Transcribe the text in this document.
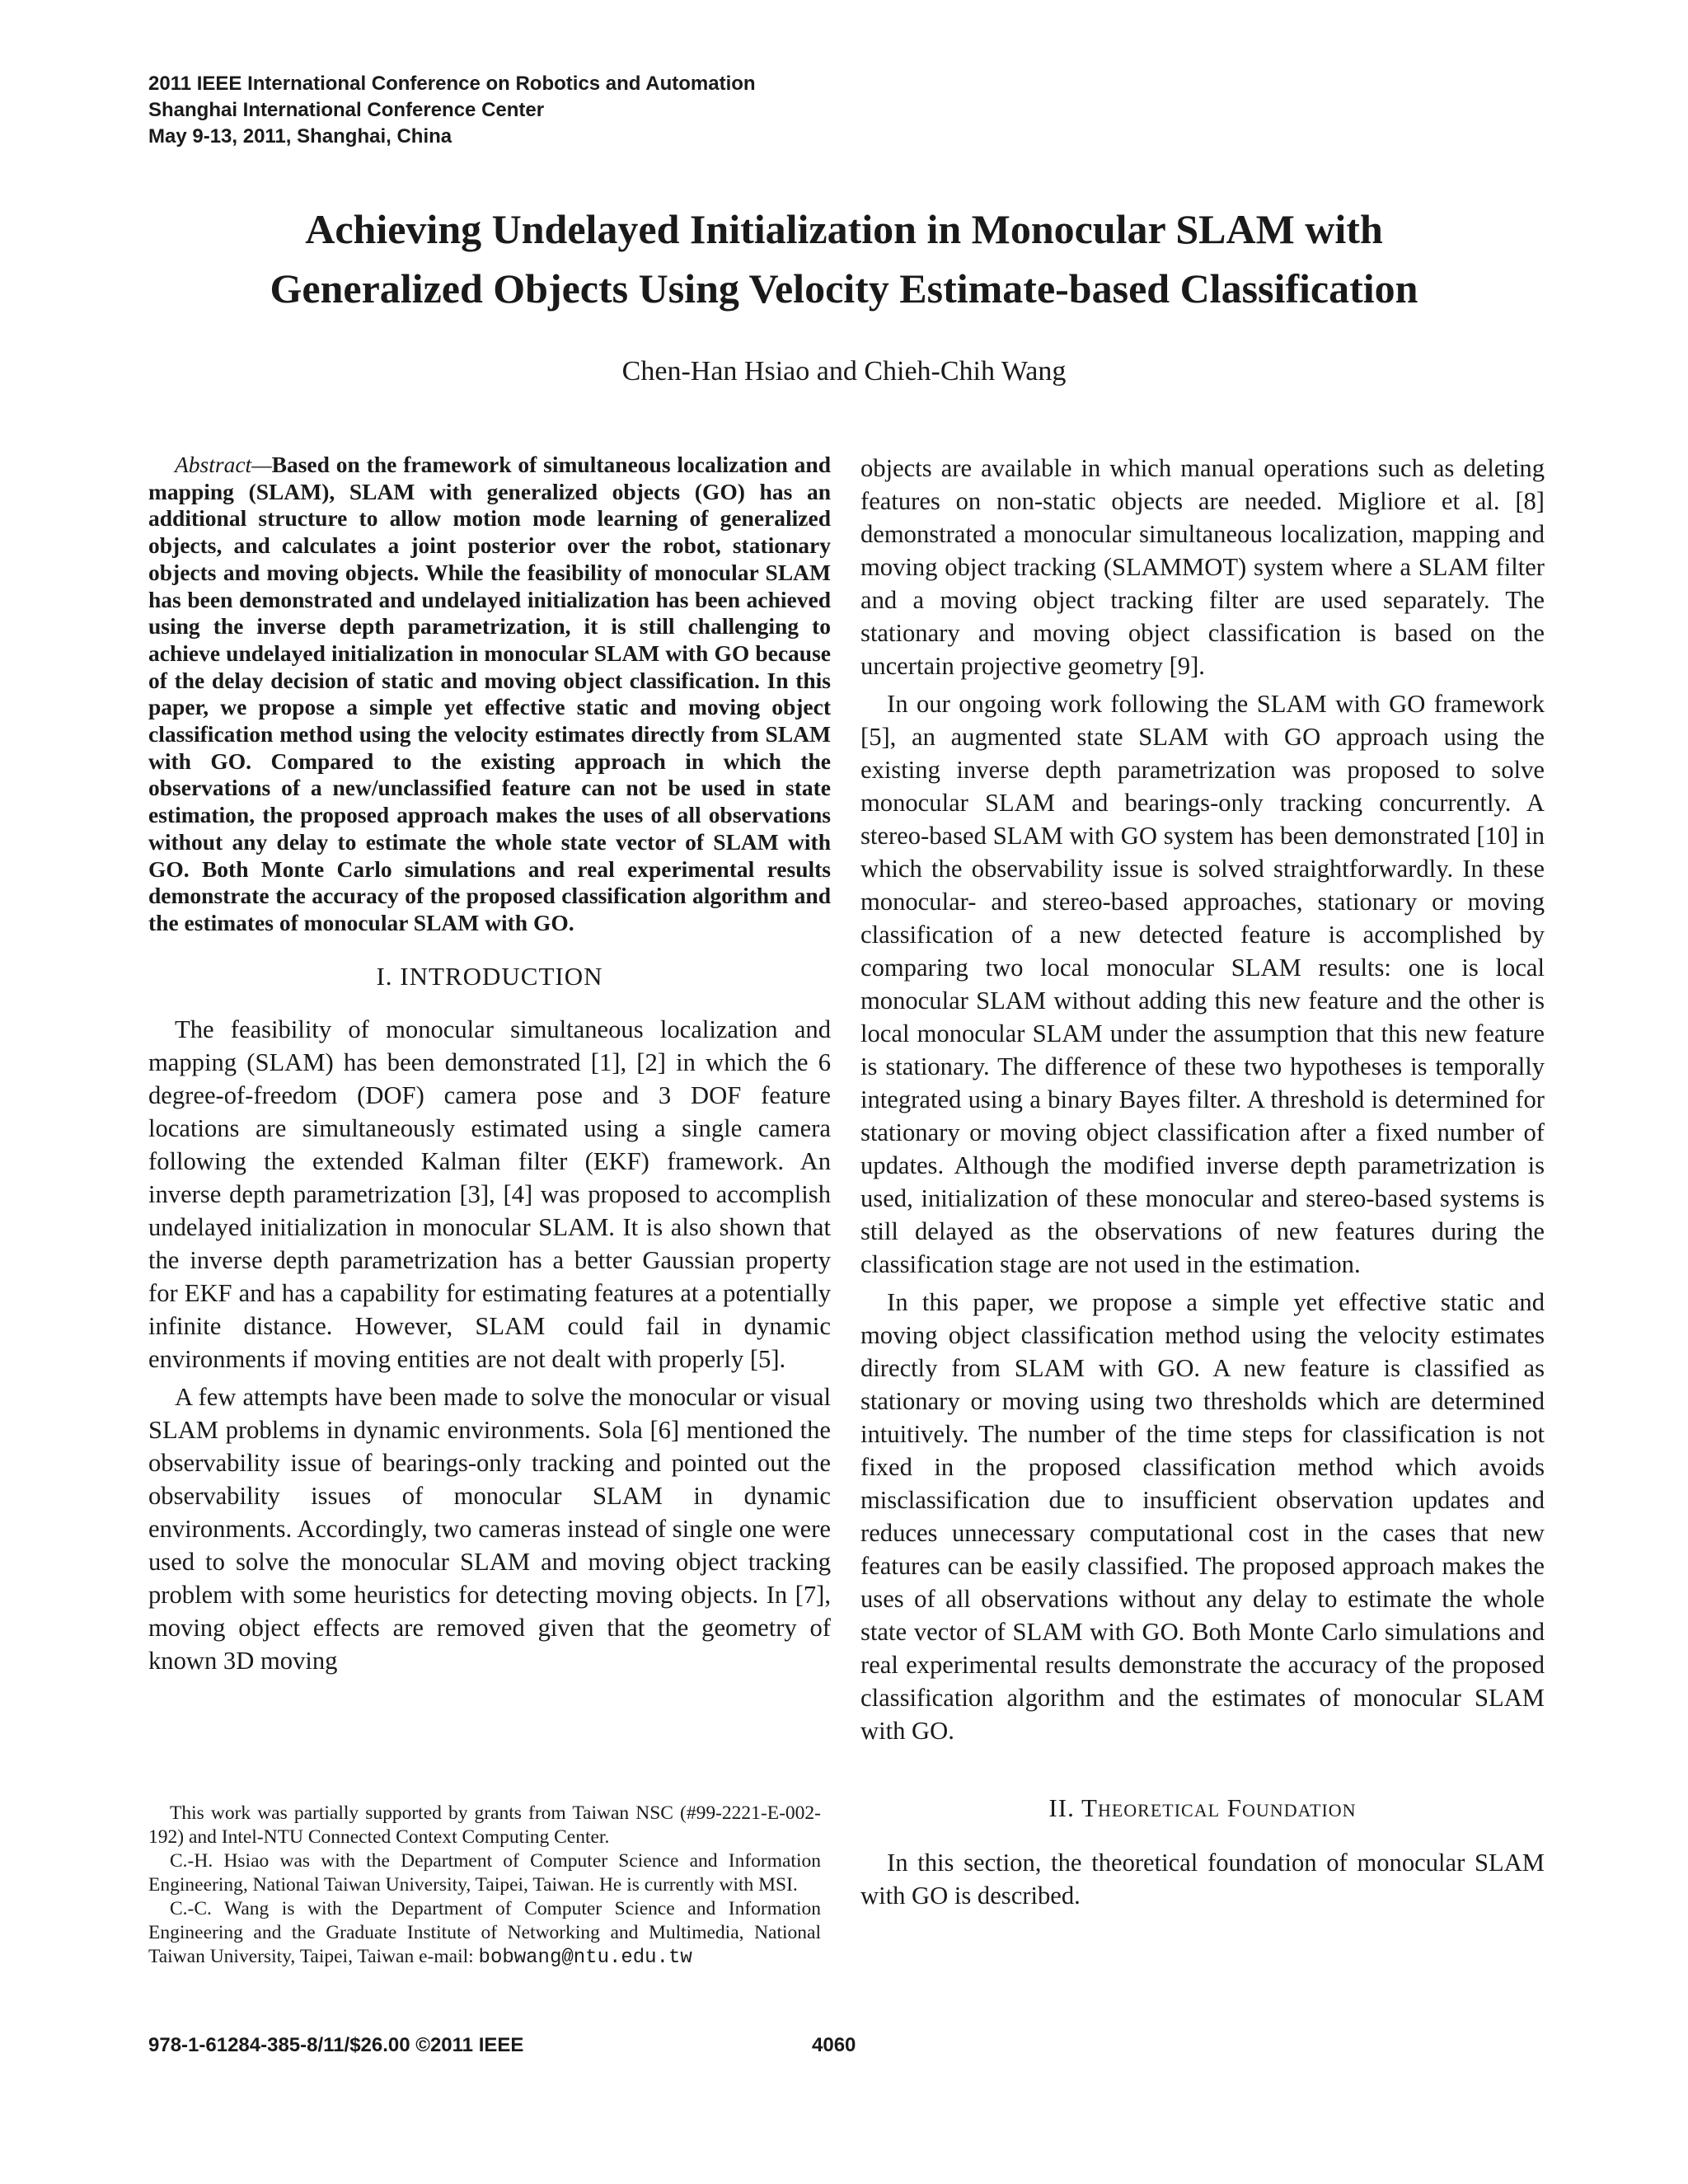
2011 IEEE International Conference on Robotics and Automation
Shanghai International Conference Center
May 9-13, 2011, Shanghai, China
Achieving Undelayed Initialization in Monocular SLAM with
Generalized Objects Using Velocity Estimate-based Classification
Chen-Han Hsiao and Chieh-Chih Wang

Abstract—Based on the framework of simultaneous localization and mapping (SLAM), SLAM with generalized objects (GO) has an additional structure to allow motion mode learning of generalized objects, and calculates a joint posterior over the robot, stationary objects and moving objects. While the feasibility of monocular SLAM has been demonstrated and undelayed initialization has been achieved using the inverse depth parametrization, it is still challenging to achieve undelayed initialization in monocular SLAM with GO because of the delay decision of static and moving object classification. In this paper, we propose a simple yet effective static and moving object classification method using the velocity estimates directly from SLAM with GO. Compared to the existing approach in which the observations of a new/unclassified feature can not be used in state estimation, the proposed approach makes the uses of all observations without any delay to estimate the whole state vector of SLAM with GO. Both Monte Carlo simulations and real experimental results demonstrate the accuracy of the proposed classification algorithm and the estimates of monocular SLAM with GO.

I. INTRODUCTION

The feasibility of monocular simultaneous localization and mapping (SLAM) has been demonstrated [1], [2] in which the 6 degree-of-freedom (DOF) camera pose and 3 DOF feature locations are simultaneously estimated using a single camera following the extended Kalman filter (EKF) framework. An inverse depth parametrization [3], [4] was proposed to accomplish undelayed initialization in monocular SLAM. It is also shown that the inverse depth parametrization has a better Gaussian property for EKF and has a capability for estimating features at a potentially infinite distance. However, SLAM could fail in dynamic environments if moving entities are not dealt with properly [5].

A few attempts have been made to solve the monocular or visual SLAM problems in dynamic environments. Sola [6] mentioned the observability issue of bearings-only tracking and pointed out the observability issues of monocular SLAM in dynamic environments. Accordingly, two cameras instead of single one were used to solve the monocular SLAM and moving object tracking problem with some heuristics for detecting moving objects. In [7], moving object effects are removed given that the geometry of known 3D moving

objects are available in which manual operations such as deleting features on non-static objects are needed. Migliore et al. [8] demonstrated a monocular simultaneous localization, mapping and moving object tracking (SLAMMOT) system where a SLAM filter and a moving object tracking filter are used separately. The stationary and moving object classification is based on the uncertain projective geometry [9].

In our ongoing work following the SLAM with GO framework [5], an augmented state SLAM with GO approach using the existing inverse depth parametrization was proposed to solve monocular SLAM and bearings-only tracking concurrently. A stereo-based SLAM with GO system has been demonstrated [10] in which the observability issue is solved straightforwardly. In these monocular- and stereo-based approaches, stationary or moving classification of a new detected feature is accomplished by comparing two local monocular SLAM results: one is local monocular SLAM without adding this new feature and the other is local monocular SLAM under the assumption that this new feature is stationary. The difference of these two hypotheses is temporally integrated using a binary Bayes filter. A threshold is determined for stationary or moving object classification after a fixed number of updates. Although the modified inverse depth parametrization is used, initialization of these monocular and stereo-based systems is still delayed as the observations of new features during the classification stage are not used in the estimation.

In this paper, we propose a simple yet effective static and moving object classification method using the velocity estimates directly from SLAM with GO. A new feature is classified as stationary or moving using two thresholds which are determined intuitively. The number of the time steps for classification is not fixed in the proposed classification method which avoids misclassification due to insufficient observation updates and reduces unnecessary computational cost in the cases that new features can be easily classified. The proposed approach makes the uses of all observations without any delay to estimate the whole state vector of SLAM with GO. Both Monte Carlo simulations and real experimental results demonstrate the accuracy of the proposed classification algorithm and the estimates of monocular SLAM with GO.

II. Theoretical Foundation

In this section, the theoretical foundation of monocular SLAM with GO is described.

This work was partially supported by grants from Taiwan NSC (#99-2221-E-002-192) and Intel-NTU Connected Context Computing Center.

C.-H. Hsiao was with the Department of Computer Science and Information Engineering, National Taiwan University, Taipei, Taiwan. He is currently with MSI.

C.-C. Wang is with the Department of Computer Science and Information Engineering and the Graduate Institute of Networking and Multimedia, National Taiwan University, Taipei, Taiwan e-mail: bobwang@ntu.edu.tw

978-1-61284-385-8/11/$26.00 ©2011 IEEE	4060
